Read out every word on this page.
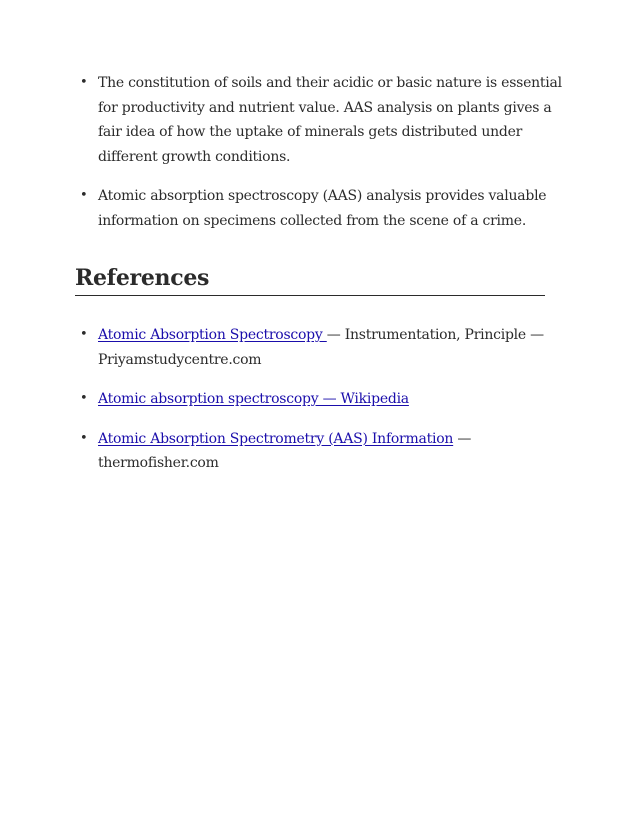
• The constitution of soils and their acidic or basic nature is essential for productivity and nutrient value. AAS analysis on plants gives a fair idea of how the uptake of minerals gets distributed under different growth conditions.
• Atomic absorption spectroscopy (AAS) analysis provides valuable information on specimens collected from the scene of a crime.
References
• Atomic Absorption Spectroscopy — Instrumentation, Principle — Priyamstudycentre.com
• Atomic absorption spectroscopy — Wikipedia
• Atomic Absorption Spectrometry (AAS) Information — thermofisher.com
